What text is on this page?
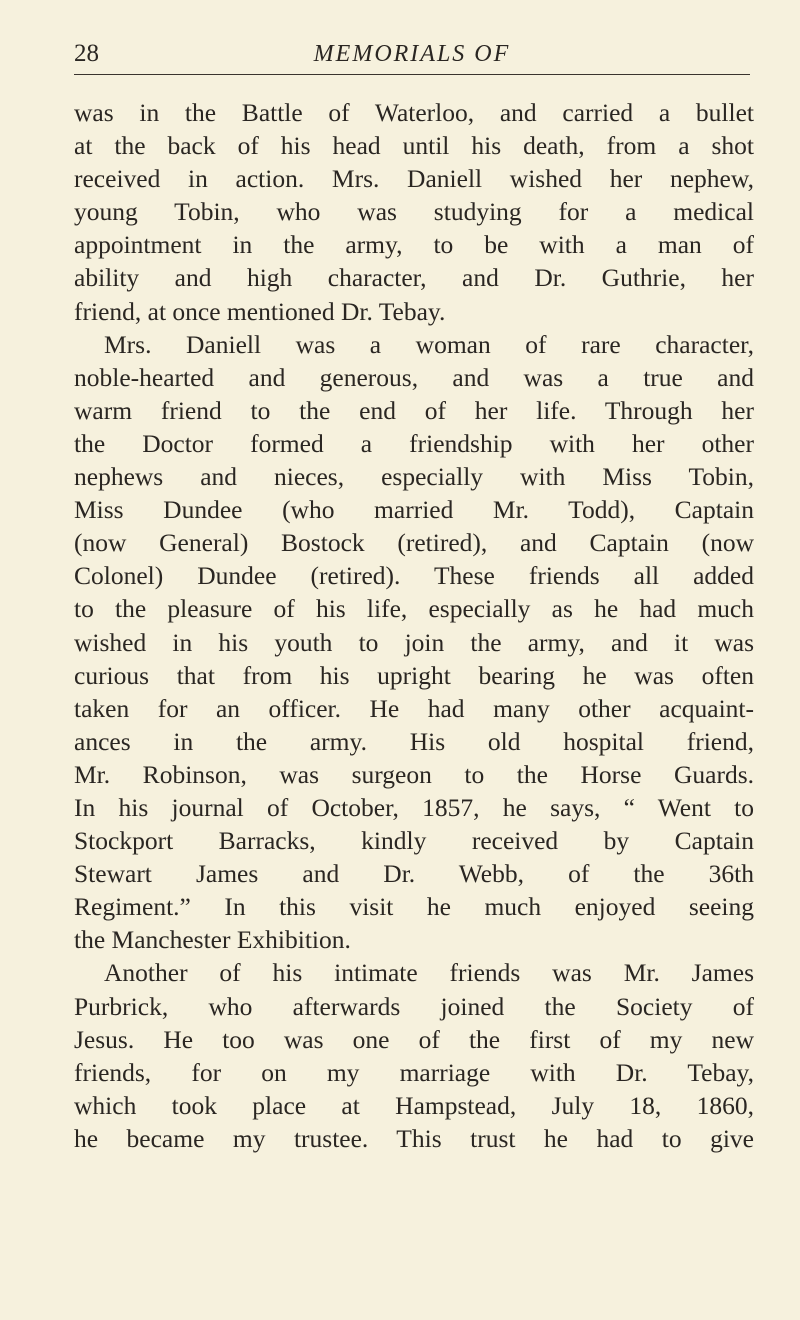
28	MEMORIALS OF
was in the Battle of Waterloo, and carried a bullet
at the back of his head until his death, from a shot
received in action. Mrs. Daniell wished her nephew,
young Tobin, who was studying for a medical
appointment in the army, to be with a man of
ability and high character, and Dr. Guthrie, her
friend, at once mentioned Dr. Tebay.
Mrs. Daniell was a woman of rare character,
noble-hearted and generous, and was a true and
warm friend to the end of her life. Through her
the Doctor formed a friendship with her other
nephews and nieces, especially with Miss Tobin,
Miss Dundee (who married Mr. Todd), Captain
(now General) Bostock (retired), and Captain (now
Colonel) Dundee (retired). These friends all added
to the pleasure of his life, especially as he had much
wished in his youth to join the army, and it was
curious that from his upright bearing he was often
taken for an officer. He had many other acquaint-
ances in the army. His old hospital friend,
Mr. Robinson, was surgeon to the Horse Guards.
In his journal of October, 1857, he says, “ Went to
Stockport Barracks, kindly received by Captain
Stewart James and Dr. Webb, of the 36th
Regiment.” In this visit he much enjoyed seeing
the Manchester Exhibition.
Another of his intimate friends was Mr. James
Purbrick, who afterwards joined the Society of
Jesus. He too was one of the first of my new
friends, for on my marriage with Dr. Tebay,
which took place at Hampstead, July 18, 1860,
he became my trustee. This trust he had to give
